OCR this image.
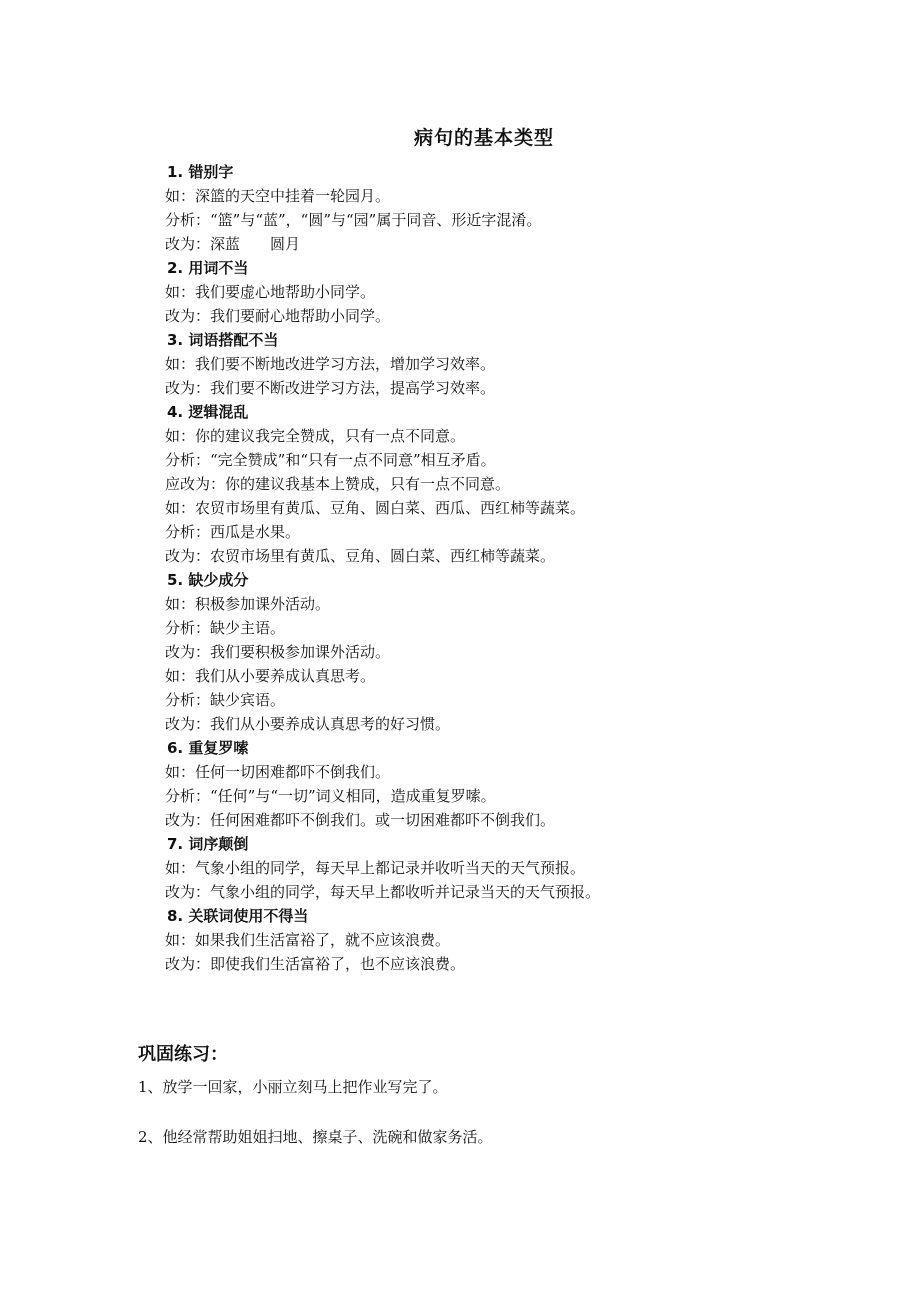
病句的基本类型
1. 错别字
如：深篮的天空中挂着一轮园月。
分析：“篮”与“蓝”，“圆”与“园”属于同音、形近字混淆。
改为：深蓝　　圆月
2. 用词不当
如：我们要虚心地帮助小同学。
改为：我们要耐心地帮助小同学。
3. 词语搭配不当
如：我们要不断地改进学习方法，增加学习效率。
改为：我们要不断改进学习方法，提高学习效率。
4. 逻辑混乱
如：你的建议我完全赞成，只有一点不同意。
分析：“完全赞成”和“只有一点不同意”相互矛盾。
应改为：你的建议我基本上赞成，只有一点不同意。
如：农贸市场里有黄瓜、豆角、圆白菜、西瓜、西红柿等蔬菜。
分析：西瓜是水果。
改为：农贸市场里有黄瓜、豆角、圆白菜、西红柿等蔬菜。
5. 缺少成分
如：积极参加课外活动。
分析：缺少主语。
改为：我们要积极参加课外活动。
如：我们从小要养成认真思考。
分析：缺少宾语。
改为：我们从小要养成认真思考的好习惯。
6. 重复罗嗦
如：任何一切困难都吓不倒我们。
分析：“任何”与“一切”词义相同，造成重复罗嗦。
改为：任何困难都吓不倒我们。或一切困难都吓不倒我们。
7. 词序颠倒
如：气象小组的同学，每天早上都记录并收听当天的天气预报。
改为：气象小组的同学，每天早上都收听并记录当天的天气预报。
8. 关联词使用不得当
如：如果我们生活富裕了，就不应该浪费。
改为：即使我们生活富裕了，也不应该浪费。
巩固练习：
1、放学一回家，小丽立刻马上把作业写完了。
2、他经常帮助姐姐扫地、擦桌子、洗碗和做家务活。
